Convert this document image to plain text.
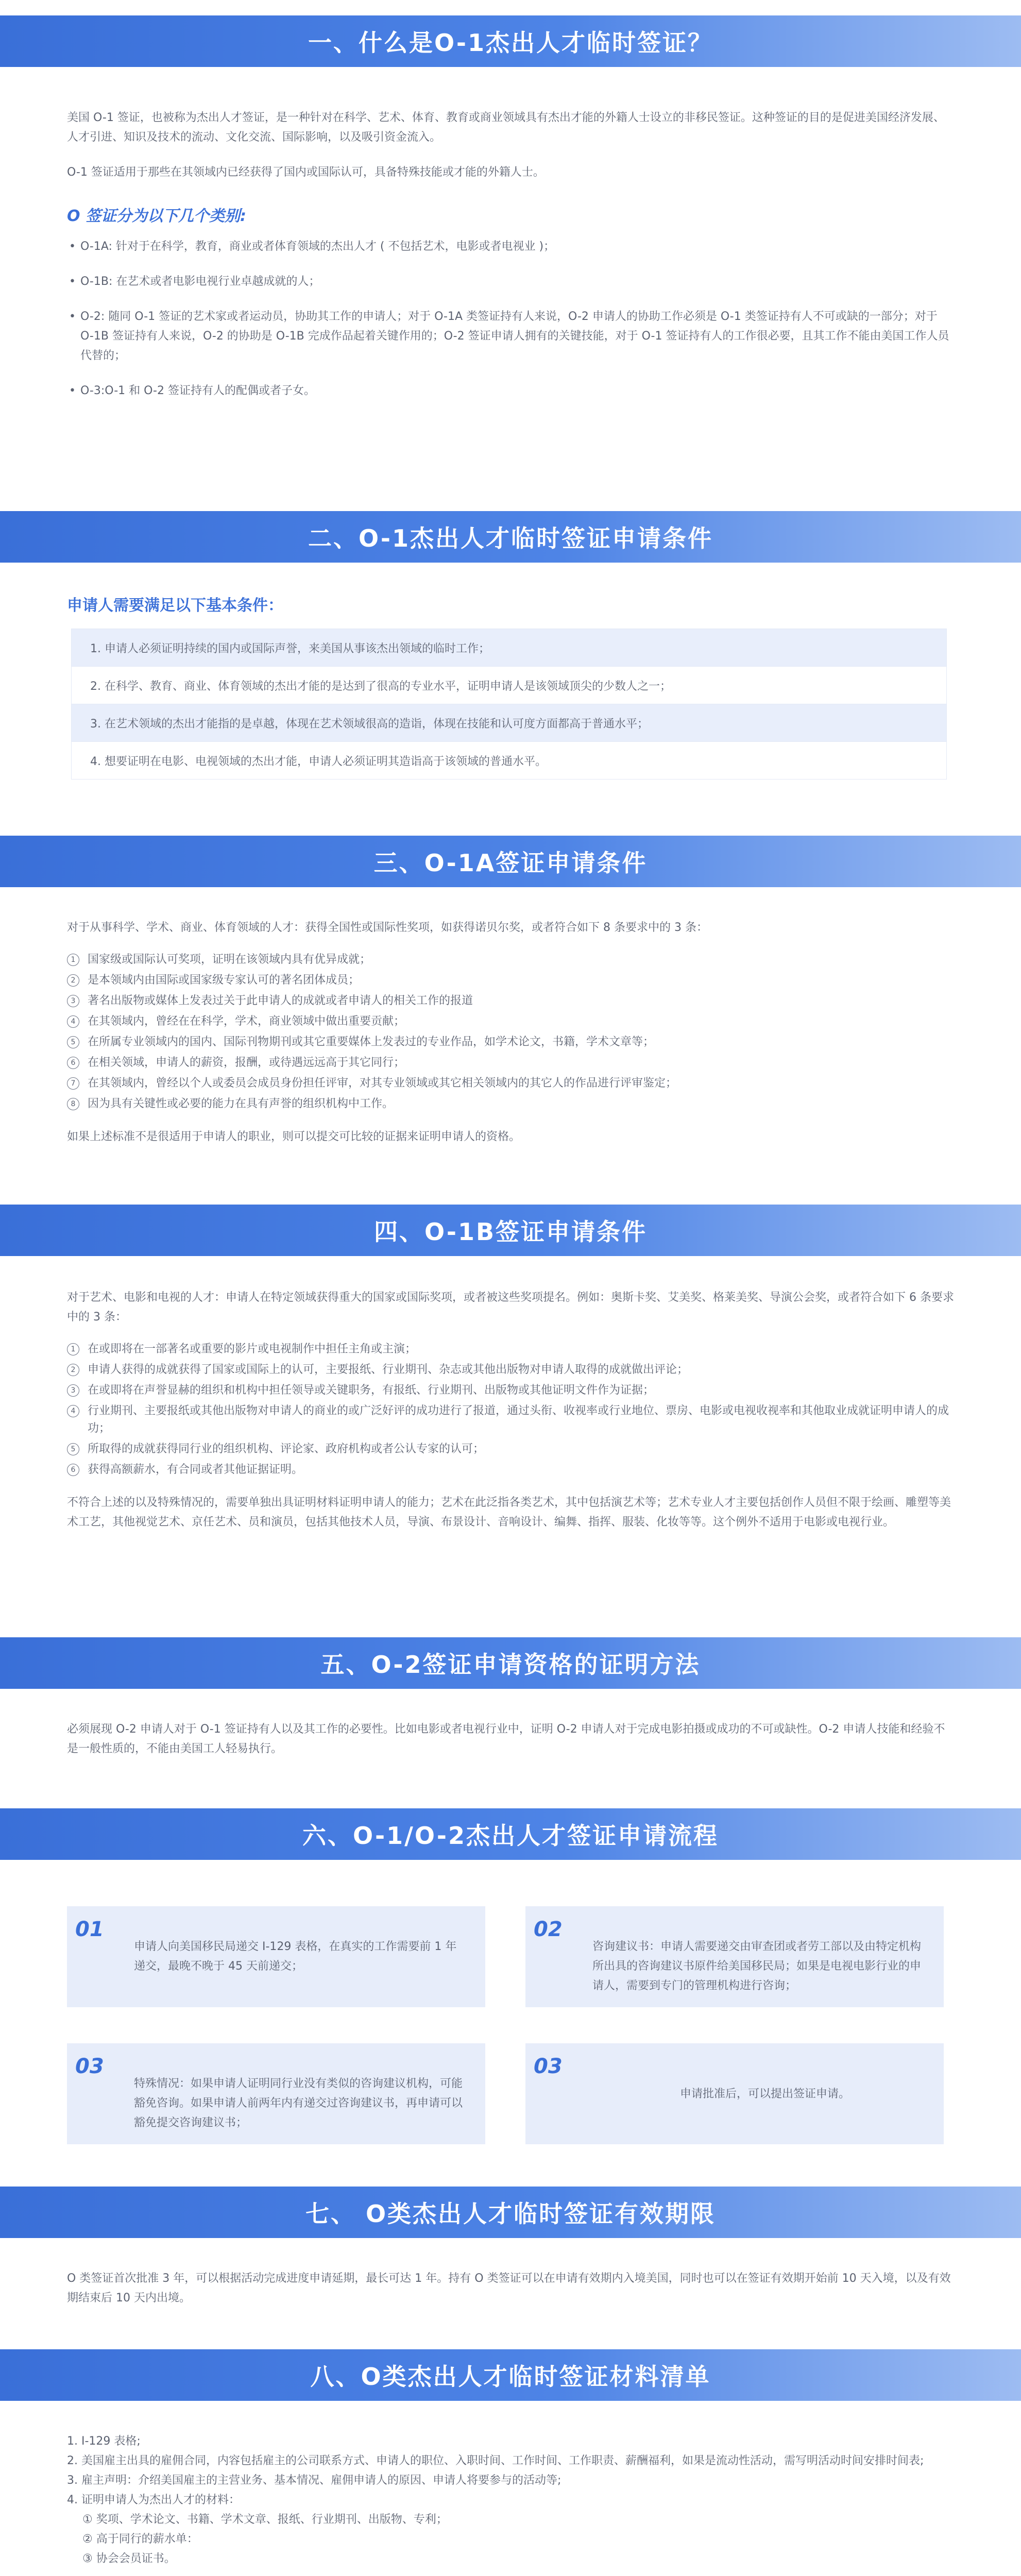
一、什么是O-1杰出人才临时签证？

美国 O-1 签证，也被称为杰出人才签证，是一种针对在科学、艺术、体育、教育或商业领域具有杰出才能的外籍人士设立的非移民签证。这种签证的目的是促进美国经济发展、人才引进、知识及技术的流动、文化交流、国际影响，以及吸引资金流入。

O-1 签证适用于那些在其领域内已经获得了国内或国际认可，具备特殊技能或才能的外籍人士。

O 签证分为以下几个类别:
• O-1A: 针对于在科学，教育，商业或者体育领域的杰出人才 ( 不包括艺术，电影或者电视业 )；
• O-1B: 在艺术或者电影电视行业卓越成就的人；
• O-2: 随同 O-1 签证的艺术家或者运动员，协助其工作的申请人；对于 O-1A 类签证持有人来说，O-2 申请人的协助工作必须是 O-1 类签证持有人不可或缺的一部分；对于 O-1B 签证持有人来说，O-2 的协助是 O-1B 完成作品起着关键作用的；O-2 签证申请人拥有的关键技能，对于 O-1 签证持有人的工作很必要，且其工作不能由美国工作人员代替的；
• O-3:O-1 和 O-2 签证持有人的配偶或者子女。
二、O-1杰出人才临时签证申请条件
申请人需要满足以下基本条件：
1. 申请人必须证明持续的国内或国际声誉，来美国从事该杰出领域的临时工作；
2. 在科学、教育、商业、体育领域的杰出才能的是达到了很高的专业水平，证明申请人是该领域顶尖的少数人之一；
3. 在艺术领域的杰出才能指的是卓越，体现在艺术领域很高的造诣，体现在技能和认可度方面都高于普通水平；
4. 想要证明在电影、电视领域的杰出才能，申请人必须证明其造诣高于该领域的普通水平。
三、O-1A签证申请条件

对于从事科学、学术、商业、体育领域的人才：获得全国性或国际性奖项，如获得诺贝尔奖，或者符合如下 8 条要求中的 3 条：

1	国家级或国际认可奖项，证明在该领域内具有优异成就；
2	是本领域内由国际或国家级专家认可的著名团体成员；
3	著名出版物或媒体上发表过关于此申请人的成就或者申请人的相关工作的报道
4	在其领域内，曾经在在科学，学术，商业领域中做出重要贡献；
5	在所属专业领域内的国内、国际刊物期刊或其它重要媒体上发表过的专业作品，如学术论文，书籍，学术文章等；
6	在相关领域，申请人的薪资，报酬，或待遇远远高于其它同行；
7	在其领域内，曾经以个人或委员会成员身份担任评审，对其专业领域或其它相关领域内的其它人的作品进行评审鉴定；
8	因为具有关键性或必要的能力在具有声誉的组织机构中工作。

如果上述标准不是很适用于申请人的职业，则可以提交可比较的证据来证明申请人的资格。

四、O-1B签证申请条件

对于艺术、电影和电视的人才：申请人在特定领域获得重大的国家或国际奖项，或者被这些奖项提名。例如：奥斯卡奖、艾美奖、格莱美奖、导演公会奖，或者符合如下 6 条要求中的 3 条：

1	在或即将在一部著名或重要的影片或电视制作中担任主角或主演；
2	申请人获得的成就获得了国家或国际上的认可，主要报纸、行业期刊、杂志或其他出版物对申请人取得的成就做出评论；
3	在或即将在声誉显赫的组织和机构中担任领导或关键职务，有报纸、行业期刊、出版物或其他证明文件作为证据；
4	行业期刊、主要报纸或其他出版物对申请人的商业的或广泛好评的成功进行了报道，通过头衔、收视率或行业地位、票房、电影或电视收视率和其他取业成就证明申请人的成功；
5	所取得的成就获得同行业的组织机构、评论家、政府机构或者公认专家的认可；
6	获得高额薪水，有合同或者其他证据证明。

不符合上述的以及特殊情况的，需要单独出具证明材料证明申请人的能力；艺术在此泛指各类艺术，其中包括演艺术等；艺术专业人才主要包括创作人员但不限于绘画、雕塑等美术工艺，其他视觉艺术、京任艺术、员和演员，包括其他技术人员，导演、布景设计、音响设计、编舞、指挥、服装、化妆等等。这个例外不适用于电影或电视行业。

五、O-2签证申请资格的证明方法

必须展现 O-2 申请人对于 O-1 签证持有人以及其工作的必要性。比如电影或者电视行业中，证明 O-2 申请人对于完成电影拍摄或成功的不可或缺性。O-2 申请人技能和经验不是一般性质的，不能由美国工人轻易执行。

六、O-1/O-2杰出人才签证申请流程
01
申请人向美国移民局递交 I-129 表格，在真实的工作需要前 1 年递交，最晚不晚于 45 天前递交；
02
咨询建议书：申请人需要递交由审查团或者劳工部以及由特定机构所出具的咨询建议书原件给美国移民局；如果是电视电影行业的申请人，需要到专门的管理机构进行咨询；
03
特殊情况：如果申请人证明同行业没有类似的咨询建议机构，可能豁免咨询。如果申请人前两年内有递交过咨询建议书，再申请可以豁免提交咨询建议书；
03
申请批准后，可以提出签证申请。
七、 O类杰出人才临时签证有效期限

O 类签证首次批准 3 年，可以根据活动完成进度申请延期，最长可达 1 年。持有 O 类签证可以在申请有效期内入境美国，同时也可以在签证有效期开始前 10 天入境，以及有效期结束后 10 天内出境。

八、O类杰出人才临时签证材料清单
1. I-129 表格;
2. 美国雇主出具的雇佣合同，内容包括雇主的公司联系方式、申请人的职位、入职时间、工作时间、工作职责、薪酬福利，如果是流动性活动，需写明活动时间安排时间表;
3. 雇主声明：介绍美国雇主的主营业务、基本情况、雇佣申请人的原因、申请人将要参与的活动等;
4. 证明申请人为杰出人才的材料：
① 奖项、学术论文、书籍、学术文章、报纸、行业期刊、出版物、专利；
② 高于同行的薪水单：
③ 协会会员证书。
